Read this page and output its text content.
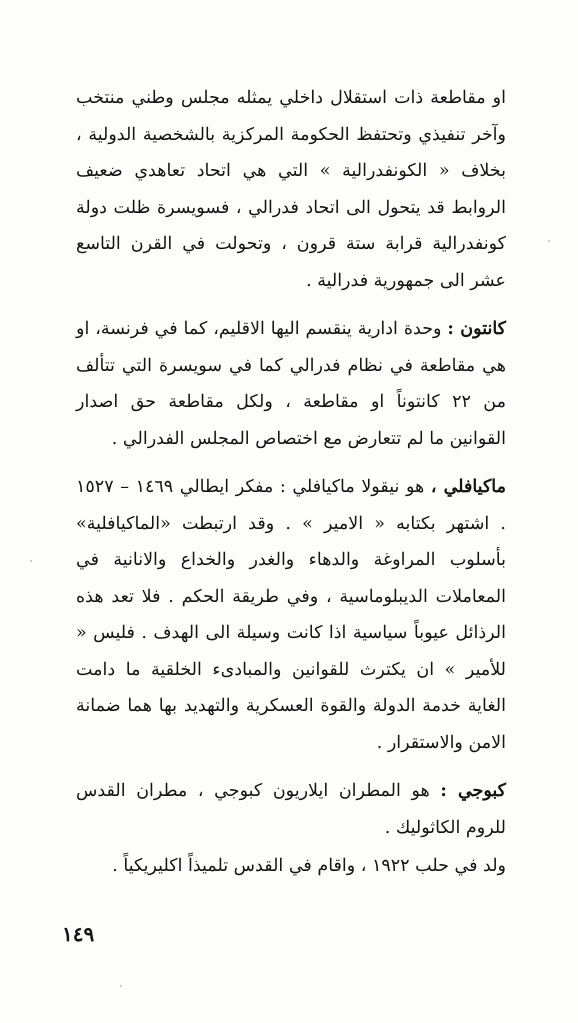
او مقاطعة ذات استقلال داخلي يمثله مجلس وطني منتخب وآخر تنفيذي وتحتفظ الحكومة المركزية بالشخصية الدولية ، بخلاف « الكونفدرالية » التي هي اتحاد تعاهدي ضعيف الروابط قد يتحول الى اتحاد فدرالي ، فسويسرة ظلت دولة كونفدرالية قرابة ستة قرون ، وتحولت في القرن التاسع عشر الى جمهورية فدرالية .

كانتون : وحدة ادارية ينقسم اليها الاقليم، كما في فرنسة، او هي مقاطعة في نظام فدرالي كما في سويسرة التي تتألف من ٢٢ كانتوناً او مقاطعة ، ولكل مقاطعة حق اصدار القوانين ما لم تتعارض مع اختصاص المجلس الفدرالي .

ماكيافلي ، هو نيقولا ماكيافلي : مفكر ايطالي ١٤٦٩ – ١٥٢٧ . اشتهر بكتابه « الامير » . وقد ارتبطت «الماكيافلية» بأسلوب المراوغة والدهاء والغدر والخداع والانانية في المعاملات الديبلوماسية ، وفي طريقة الحكم . فلا تعد هذه الرذائل عيوباً سياسية اذا كانت وسيلة الى الهدف . فليس « للأمير » ان يكترث للقوانين والمبادىء الخلقية ما دامت الغاية خدمة الدولة والقوة العسكرية والتهديد بها هما ضمانة الامن والاستقرار .

كبوجي : هو المطران ايلاريون كبوجي ، مطران القدس للروم الكاثوليك .

ولد في حلب ١٩٢٢ ، واقام في القدس تلميذاً اكليريكياً .

١٤٩
